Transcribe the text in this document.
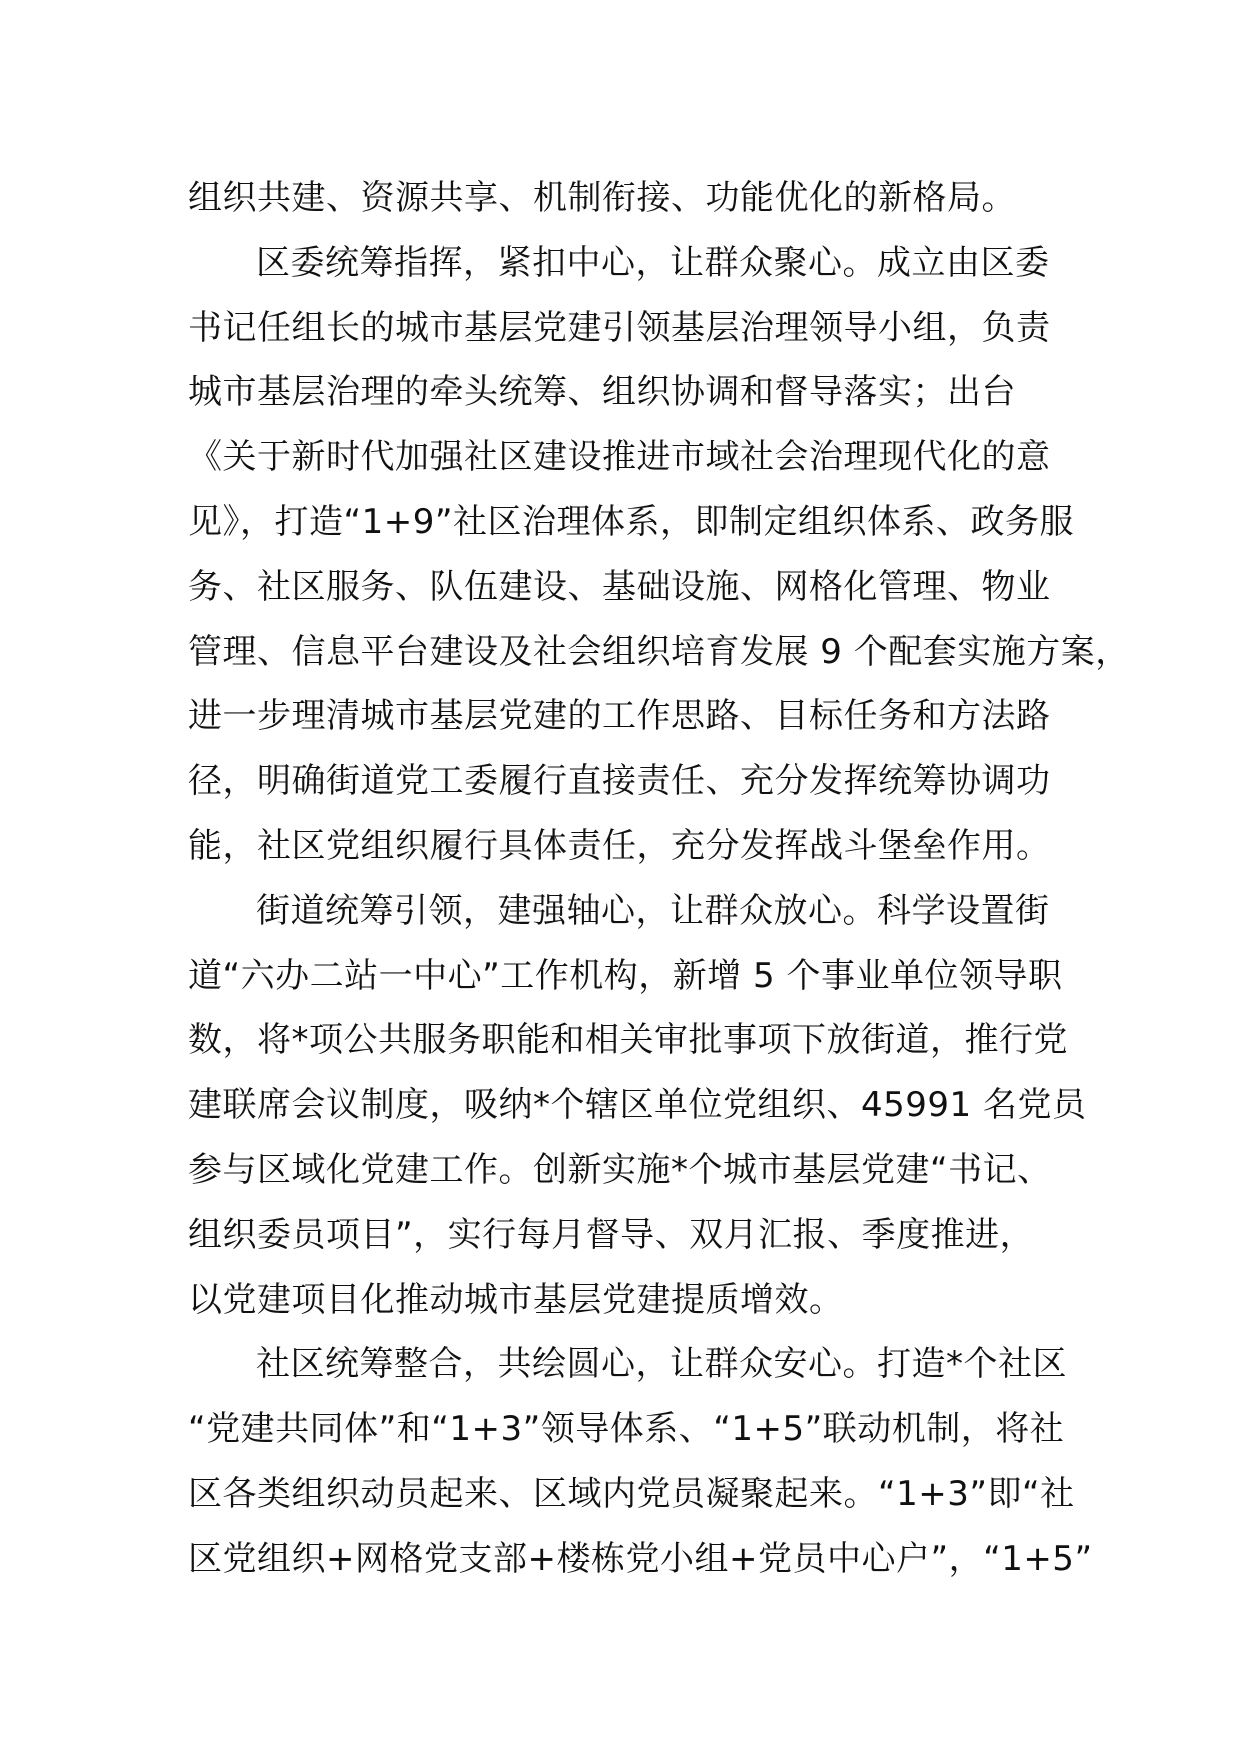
组织共建、资源共享、机制衔接、功能优化的新格局。
区委统筹指挥，紧扣中心，让群众聚心。成立由区委
书记任组长的城市基层党建引领基层治理领导小组，负责
城市基层治理的牵头统筹、组织协调和督导落实；出台
《关于新时代加强社区建设推进市域社会治理现代化的意
见》，打造“1+9”社区治理体系，即制定组织体系、政务服
务、社区服务、队伍建设、基础设施、网格化管理、物业
管理、信息平台建设及社会组织培育发展 9 个配套实施方案，
进一步理清城市基层党建的工作思路、目标任务和方法路
径，明确街道党工委履行直接责任、充分发挥统筹协调功
能，社区党组织履行具体责任，充分发挥战斗堡垒作用。
街道统筹引领，建强轴心，让群众放心。科学设置街
道“六办二站一中心”工作机构，新增 5 个事业单位领导职
数，将*项公共服务职能和相关审批事项下放街道，推行党
建联席会议制度，吸纳*个辖区单位党组织、45991 名党员
参与区域化党建工作。创新实施*个城市基层党建“书记、
组织委员项目”，实行每月督导、双月汇报、季度推进，
以党建项目化推动城市基层党建提质增效。
社区统筹整合，共绘圆心，让群众安心。打造*个社区
“党建共同体”和“1+3”领导体系、“1+5”联动机制，将社
区各类组织动员起来、区域内党员凝聚起来。“1+3”即“社
区党组织+网格党支部+楼栋党小组+党员中心户”，“1+5”
